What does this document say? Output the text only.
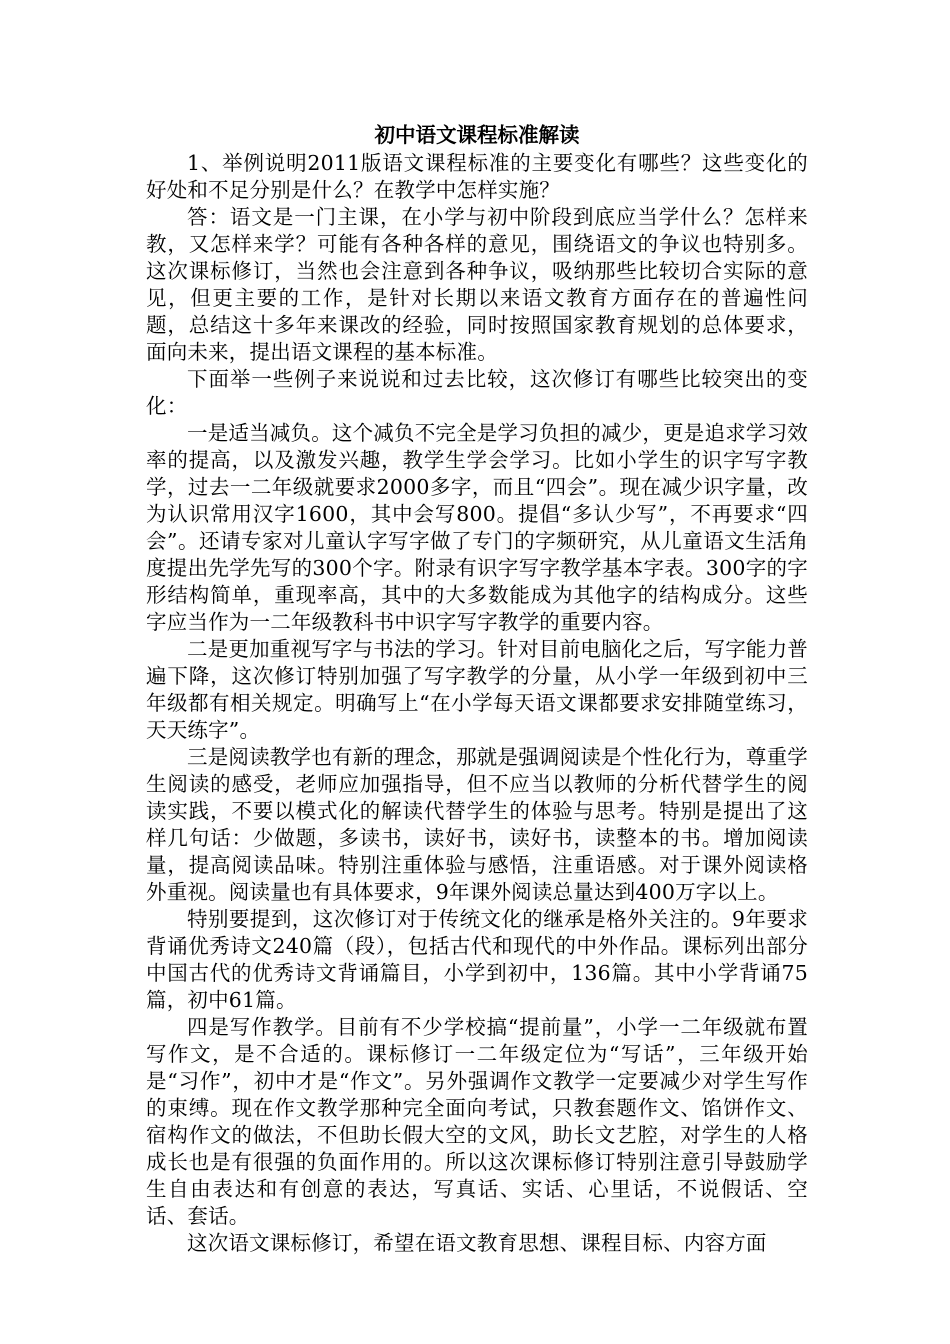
初中语文课程标准解读

1、举例说明2011版语文课程标准的主要变化有哪些？这些变化的好处和不足分别是什么？在教学中怎样实施？

答：语文是一门主课，在小学与初中阶段到底应当学什么？怎样来教，又怎样来学？可能有各种各样的意见，围绕语文的争议也特别多。这次课标修订，当然也会注意到各种争议，吸纳那些比较切合实际的意见，但更主要的工作，是针对长期以来语文教育方面存在的普遍性问题，总结这十多年来课改的经验，同时按照国家教育规划的总体要求，面向未来，提出语文课程的基本标准。

下面举一些例子来说说和过去比较，这次修订有哪些比较突出的变化：

一是适当减负。这个减负不完全是学习负担的减少，更是追求学习效率的提高，以及激发兴趣，教学生学会学习。比如小学生的识字写字教学，过去一二年级就要求2000多字，而且“四会”。现在减少识字量，改为认识常用汉字1600，其中会写800。提倡“多认少写”，不再要求“四会”。还请专家对儿童认字写字做了专门的字频研究，从儿童语文生活角度提出先学先写的300个字。附录有识字写字教学基本字表。300字的字形结构简单，重现率高，其中的大多数能成为其他字的结构成分。这些字应当作为一二年级教科书中识字写字教学的重要内容。

二是更加重视写字与书法的学习。针对目前电脑化之后，写字能力普遍下降，这次修订特别加强了写字教学的分量，从小学一年级到初中三年级都有相关规定。明确写上“在小学每天语文课都要求安排随堂练习，天天练字”。

三是阅读教学也有新的理念，那就是强调阅读是个性化行为，尊重学生阅读的感受，老师应加强指导，但不应当以教师的分析代替学生的阅读实践，不要以模式化的解读代替学生的体验与思考。特别是提出了这样几句话：少做题，多读书，读好书，读好书，读整本的书。增加阅读量，提高阅读品味。特别注重体验与感悟，注重语感。对于课外阅读格外重视。阅读量也有具体要求，9年课外阅读总量达到400万字以上。

特别要提到，这次修订对于传统文化的继承是格外关注的。9年要求背诵优秀诗文240篇（段），包括古代和现代的中外作品。课标列出部分中国古代的优秀诗文背诵篇目，小学到初中，136篇。其中小学背诵75篇，初中61篇。

四是写作教学。目前有不少学校搞“提前量”，小学一二年级就布置写作文，是不合适的。课标修订一二年级定位为“写话”，三年级开始是“习作”，初中才是“作文”。另外强调作文教学一定要减少对学生写作的束缚。现在作文教学那种完全面向考试，只教套题作文、馅饼作文、宿构作文的做法，不但助长假大空的文风，助长文艺腔，对学生的人格成长也是有很强的负面作用的。所以这次课标修订特别注意引导鼓励学生自由表达和有创意的表达，写真话、实话、心里话，不说假话、空话、套话。

这次语文课标修订，希望在语文教育思想、课程目标、内容方面
